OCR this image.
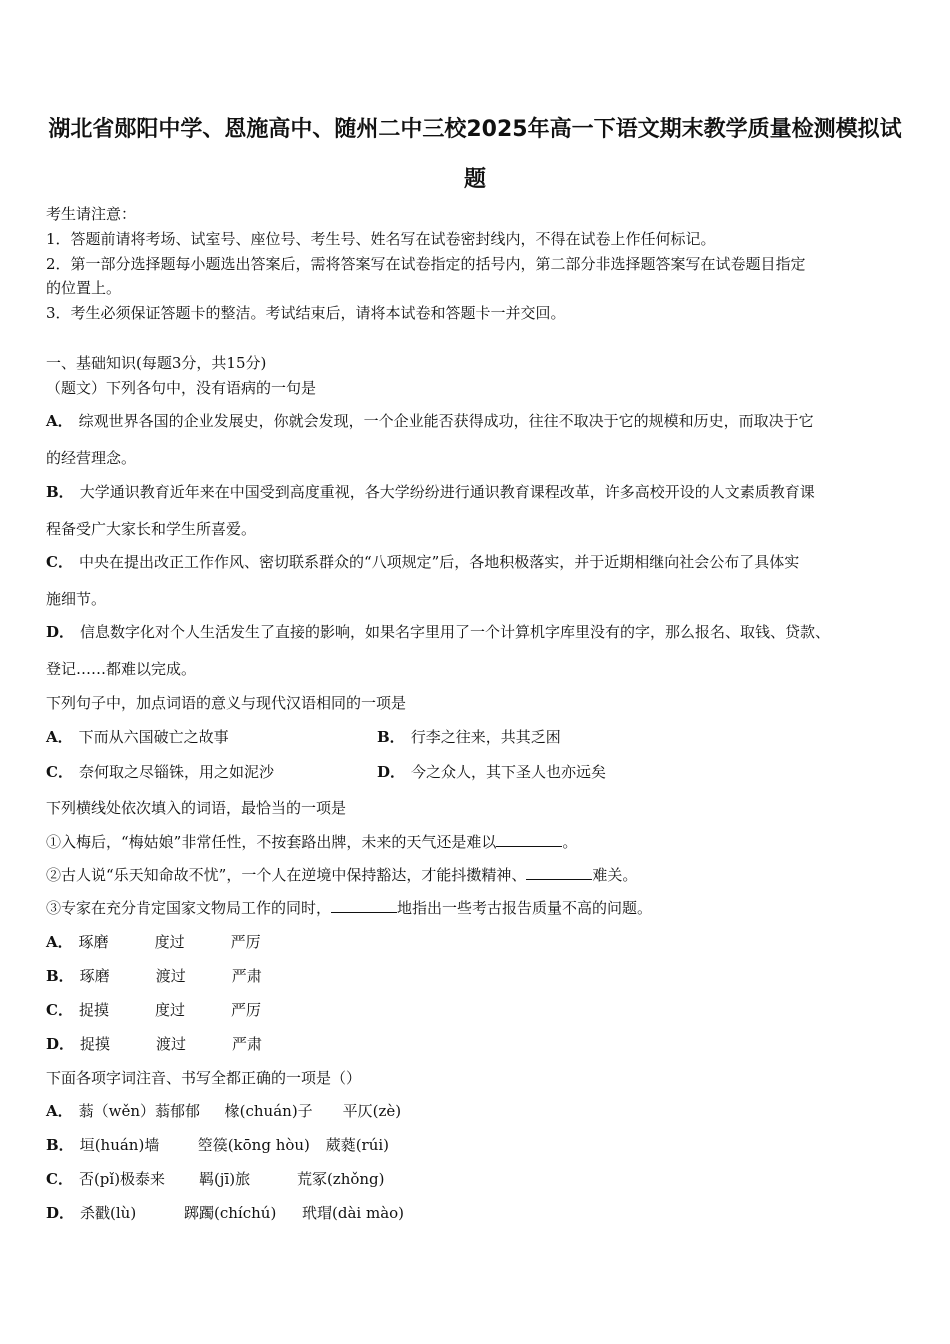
湖北省郧阳中学、恩施高中、随州二中三校2025年高一下语文期末教学质量检测模拟试
题
考生请注意：
1．答题前请将考场、试室号、座位号、考生号、姓名写在试卷密封线内，不得在试卷上作任何标记。
2．第一部分选择题每小题选出答案后，需将答案写在试卷指定的括号内，第二部分非选择题答案写在试卷题目指定
的位置上。
3．考生必须保证答题卡的整洁。考试结束后，请将本试卷和答题卡一并交回。
一、基础知识(每题3分，共15分)
（题文）下列各句中，没有语病的一句是
A． 综观世界各国的企业发展史，你就会发现，一个企业能否获得成功，往往不取决于它的规模和历史，而取决于它
的经营理念。
B． 大学通识教育近年来在中国受到高度重视，各大学纷纷进行通识教育课程改革，许多高校开设的人文素质教育课
程备受广大家长和学生所喜爱。
C． 中央在提出改正工作作风、密切联系群众的“八项规定”后，各地积极落实，并于近期相继向社会公布了具体实
施细节。
D． 信息数字化对个人生活发生了直接的影响，如果名字里用了一个计算机字库里没有的字，那么报名、取钱、贷款、
登记……都难以完成。
下列句子中，加点词语的意义与现代汉语相同的一项是
A． 下而从六国破亡之故事	B． 行李之往来，共其乏困
C． 奈何取之尽锱铢，用之如泥沙	D． 今之众人，其下圣人也亦远矣
下列横线处依次填入的词语，最恰当的一项是
①入梅后，“梅姑娘”非常任性，不按套路出牌，未来的天气还是难以	。
②古人说“乐天知命故不忧”，一个人在逆境中保持豁达，才能抖擞精神、	难关。
③专家在充分肯定国家文物局工作的同时，	地指出一些考古报告质量不高的问题。
A． 琢磨	度过	严厉
B． 琢磨	渡过	严肃
C． 捉摸	度过	严厉
D． 捉摸	渡过	严肃
下面各项字词注音、书写全都正确的一项是（）
A． 蓊（wěn）蓊郁郁 椽(chuán)子 平仄(zè)
B． 垣(huán)墙	箜篌(kōng hòu) 葳蕤(rúi)
C． 否(pǐ)极泰来 羁(jī)旅	荒冢(zhǒng)
D． 杀戳(lù)	踯躅(chíchú) 玳瑁(dài mào)
